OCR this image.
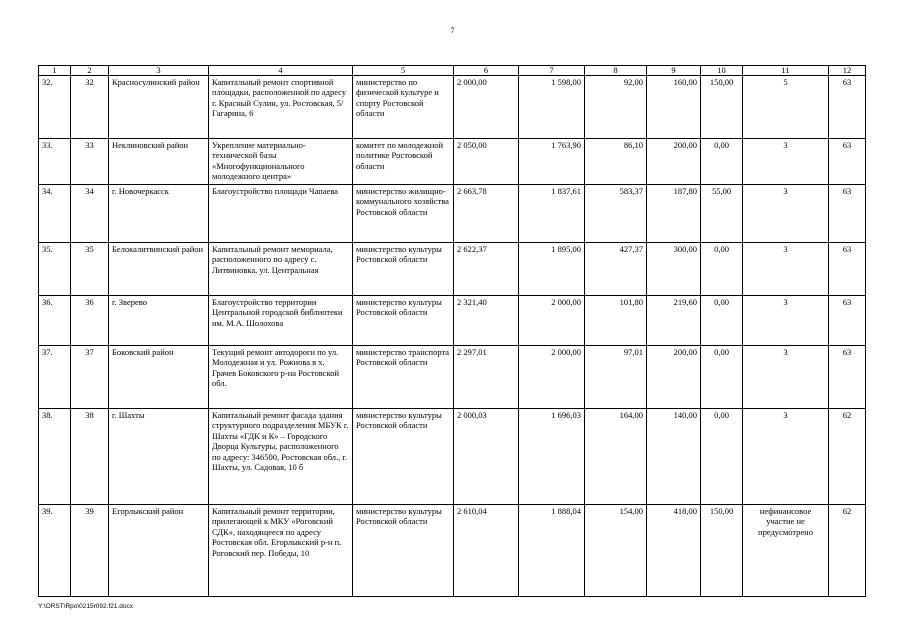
7
1	2	3	4	5	6	7	8	9	10	11	12
32.	32	Красносулинский район	Капитальный ремонт спортивной площадки, расположенной по адресу г. Красный Сулин, ул. Ростовская, 5/Гагарина, 6	министерство по физической культуре и спорту Ростовской области	2 000,00	1 598,00	92,00	160,00	150,00	5	63
33.	33	Неклиновский район	Укрепление материально-технической базы «Многофункционального молодежного центра»	комитет по молодежной политике Ростовской области	2 050,00	1 763,90	86,10	200,00	0,00	3	63
34.	34	г. Новочеркасск	Благоустройство площади Чапаева	министерство жилищно-коммунального хозяйства Ростовской области	2 663,78	1 837,61	583,37	187,80	55,00	3	63
35.	35	Белокалитвинский район	Капитальный ремонт мемориала, расположенного по адресу с. Литвиновка, ул. Центральная	министерство культуры Ростовской области	2 622,37	1 895,00	427,37	300,00	0,00	3	63
36.	36	г. Зверево	Благоустройство территории Центральной городской библиотеки им. М.А. Шолохова	министерство культуры Ростовской области	2 321,40	2 000,00	101,80	219,60	0,00	3	63
37.	37	Боковский район	Текущий ремонт автодороги по ул. Молодежная и ул. Рожнова в х. Грачев Боковского р-на Ростовской обл.	министерство транспорта Ростовской области	2 297,01	2 000,00	97,01	200,00	0,00	3	63
38.	38	г. Шахты	Капитальный ремонт фасада здания структурного подразделения МБУК г. Шахты «ГДК и К» – Городского Дворца Культуры, расположенного по адресу: 346500, Ростовская обл., г. Шахты, ул. Садовая, 10 б	министерство культуры Ростовской области	2 000,03	1 696,03	164,00	140,00	0,00	3	62
39.	39	Егорлыкский район	Капитальный ремонт территории, прилегающей к МКУ «Роговский СДК», находящееся по адресу Ростовская обл. Егорлыкский р-н п. Роговский пер. Победы, 10	министерство культуры Ростовской области	2 610,04	1 888,04	154,00	418,00	150,00	нефинансовое участие не предусмотрено	62
Y:\ORST\Rpo\0215r092.f21.docx
